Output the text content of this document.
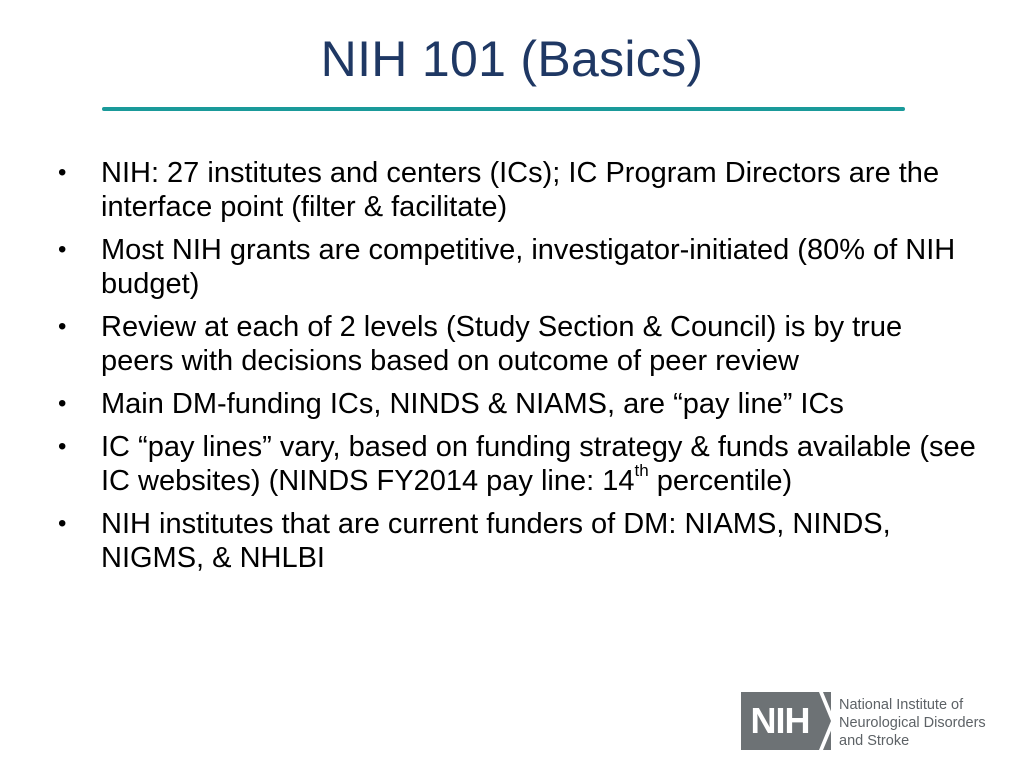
NIH 101 (Basics)
• NIH: 27 institutes and centers (ICs); IC Program Directors are the interface point (filter & facilitate)
• Most NIH grants are competitive, investigator-initiated (80% of NIH budget)
• Review at each of 2 levels (Study Section & Council) is by true peers with decisions based on outcome of peer review
• Main DM-funding ICs, NINDS & NIAMS, are “pay line” ICs
• IC “pay lines” vary, based on funding strategy & funds available (see IC websites) (NINDS FY2014 pay line: 14th percentile)
• NIH institutes that are current funders of DM: NIAMS, NINDS, NIGMS, & NHLBI
NIH	National Institute of
Neurological Disorders
and Stroke
